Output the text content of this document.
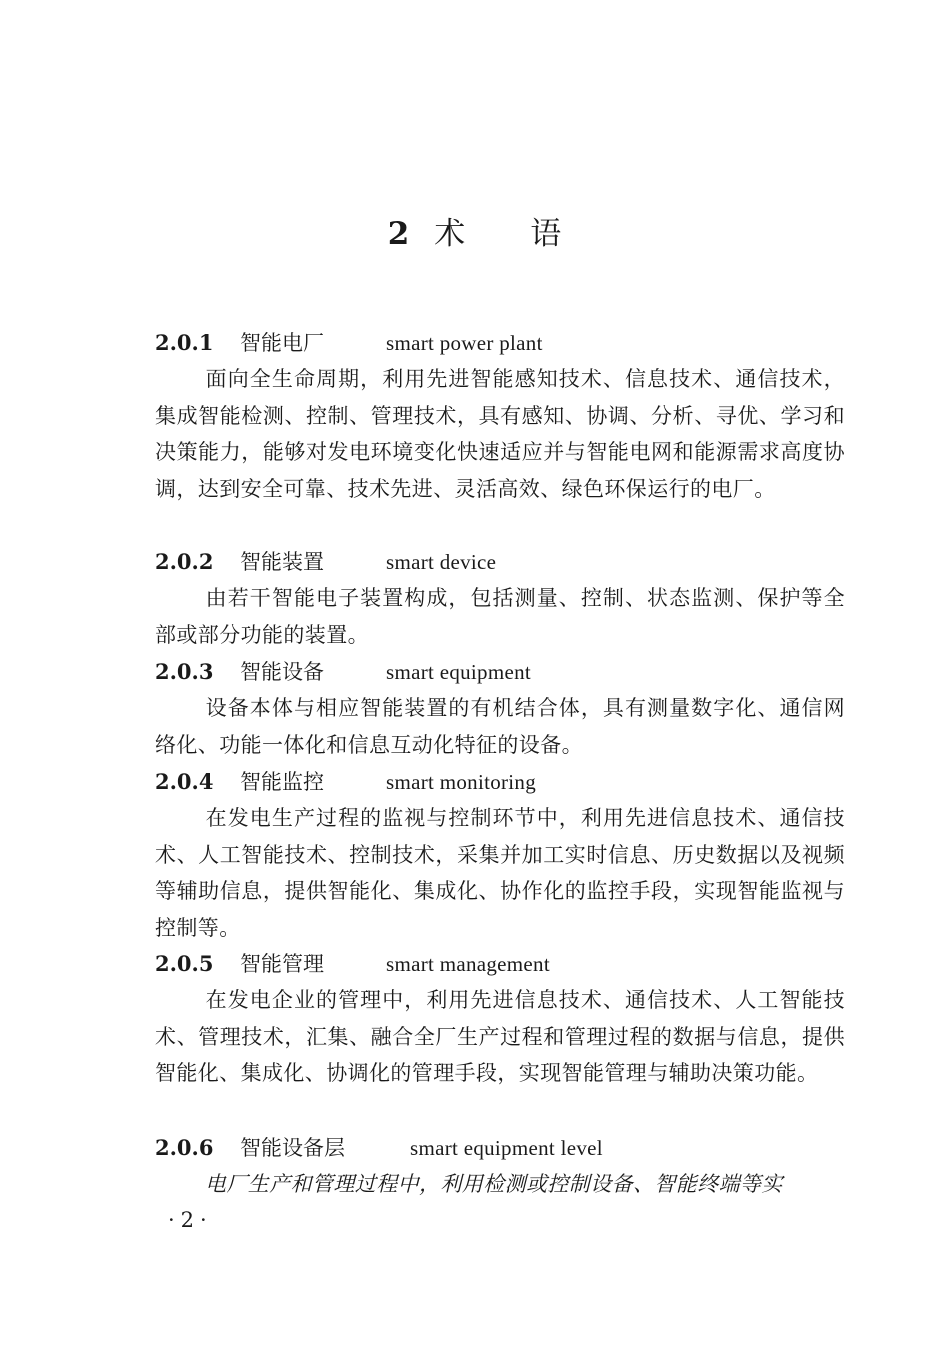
2 术 语
2.0.1 智能电厂	smart power plant
面向全生命周期，利用先进智能感知技术、信息技术、通信技术，集成智能检测、控制、管理技术，具有感知、协调、分析、寻优、学习和决策能力，能够对发电环境变化快速适应并与智能电网和能源需求高度协调，达到安全可靠、技术先进、灵活高效、绿色环保运行的电厂。
2.0.2 智能装置	smart device
由若干智能电子装置构成，包括测量、控制、状态监测、保护等全部或部分功能的装置。
2.0.3 智能设备	smart equipment
设备本体与相应智能装置的有机结合体，具有测量数字化、通信网络化、功能一体化和信息互动化特征的设备。
2.0.4 智能监控	smart monitoring
在发电生产过程的监视与控制环节中，利用先进信息技术、通信技术、人工智能技术、控制技术，采集并加工实时信息、历史数据以及视频等辅助信息，提供智能化、集成化、协作化的监控手段，实现智能监视与控制等。
2.0.5 智能管理	smart management
在发电企业的管理中，利用先进信息技术、通信技术、人工智能技术、管理技术，汇集、融合全厂生产过程和管理过程的数据与信息，提供智能化、集成化、协调化的管理手段，实现智能管理与辅助决策功能。
2.0.6 智能设备层	smart equipment level
电厂生产和管理过程中，利用检测或控制设备、智能终端等实
·2·
